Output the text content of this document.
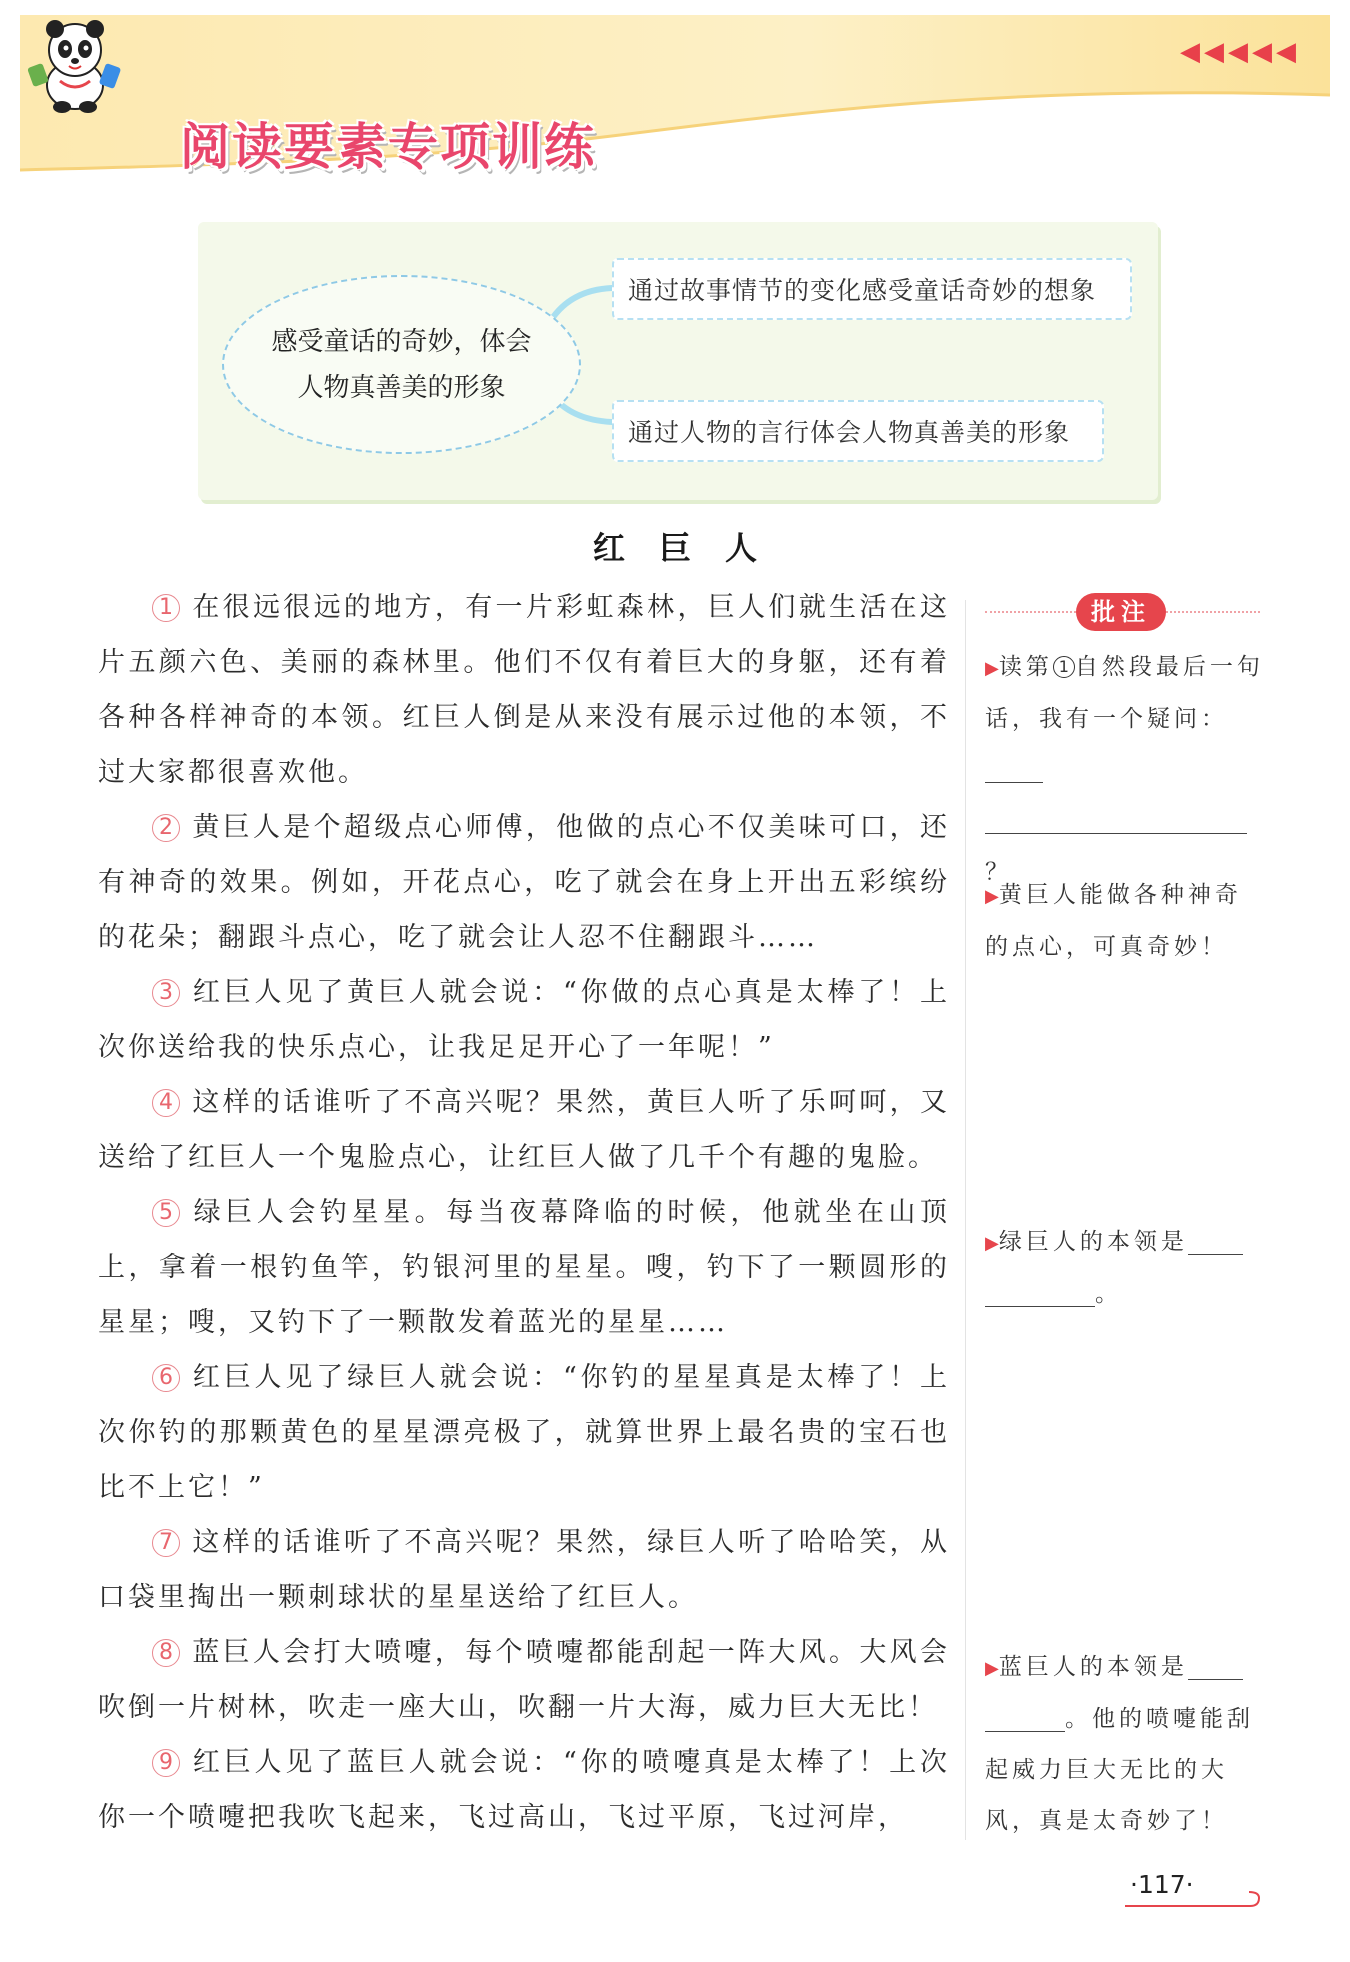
◀◀◀◀◀
阅读要素专项训练
感受童话的奇妙，体会
人物真善美的形象
通过故事情节的变化感受童话奇妙的想象
通过人物的言行体会人物真善美的形象
红巨人

1 在很远很远的地方，有一片彩虹森林，巨人们就生活在这片五颜六色、美丽的森林里。他们不仅有着巨大的身躯，还有着各种各样神奇的本领。红巨人倒是从来没有展示过他的本领，不过大家都很喜欢他。

2 黄巨人是个超级点心师傅，他做的点心不仅美味可口，还有神奇的效果。例如，开花点心，吃了就会在身上开出五彩缤纷的花朵；翻跟斗点心，吃了就会让人忍不住翻跟斗……

3 红巨人见了黄巨人就会说：“你做的点心真是太棒了！上次你送给我的快乐点心，让我足足开心了一年呢！”

4 这样的话谁听了不高兴呢？果然，黄巨人听了乐呵呵，又送给了红巨人一个鬼脸点心，让红巨人做了几千个有趣的鬼脸。

5 绿巨人会钓星星。每当夜幕降临的时候，他就坐在山顶上，拿着一根钓鱼竿，钓银河里的星星。嗖，钓下了一颗圆形的星星；嗖，又钓下了一颗散发着蓝光的星星……

6 红巨人见了绿巨人就会说：“你钓的星星真是太棒了！上次你钓的那颗黄色的星星漂亮极了，就算世界上最名贵的宝石也比不上它！”

7 这样的话谁听了不高兴呢？果然，绿巨人听了哈哈笑，从口袋里掏出一颗刺球状的星星送给了红巨人。

8 蓝巨人会打大喷嚏，每个喷嚏都能刮起一阵大风。大风会吹倒一片树林，吹走一座大山，吹翻一片大海，威力巨大无比！

9 红巨人见了蓝巨人就会说：“你的喷嚏真是太棒了！上次你一个喷嚏把我吹飞起来，飞过高山，飞过平原，飞过河岸，

批注
▶读第 1 自然段最后一句话，我有一个疑问：
？
▶黄巨人能做各种神奇的点心，可真奇妙！
▶绿巨人的本领是
。
▶蓝巨人的本领是
。他的喷嚏能刮起威力巨大无比的大风，真是太奇妙了！
·117·
